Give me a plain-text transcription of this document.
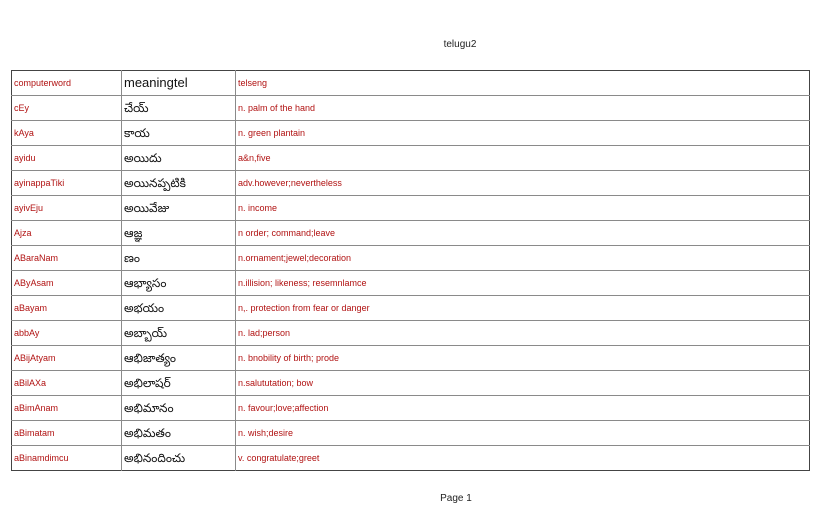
telugu2
computerword	meaningtel	telseng
cEy	చేయ్	n. palm of the hand
kAya	కాయ	n. green plantain
ayidu	అయిదు	a&n,five
ayinappaTiki	అయినప్పటికి	adv.however;nevertheless
ayivEju	అయివేజు	n. income
Ajza	ఆజ్ఞ	n order; command;leave
ABaraNam	ణం	n.ornament;jewel;decoration
AByAsam	ఆభ్యాసం	n.illision; likeness; resemnlamce
aBayam	అభయం	n,. protection from fear or danger
abbAy	అబ్బాయ్	n. lad;person
ABijAtyam	ఆభిజాత్యం	n. bnobility of birth; prode
aBilAXa	అభిలాషర్	n.salututation; bow
aBimAnam	అభిమానం	n. favour;love;affection
aBimatam	అభిమతం	n. wish;desire
aBinamdimcu	అభినందించు	v. congratulate;greet
Page 1
